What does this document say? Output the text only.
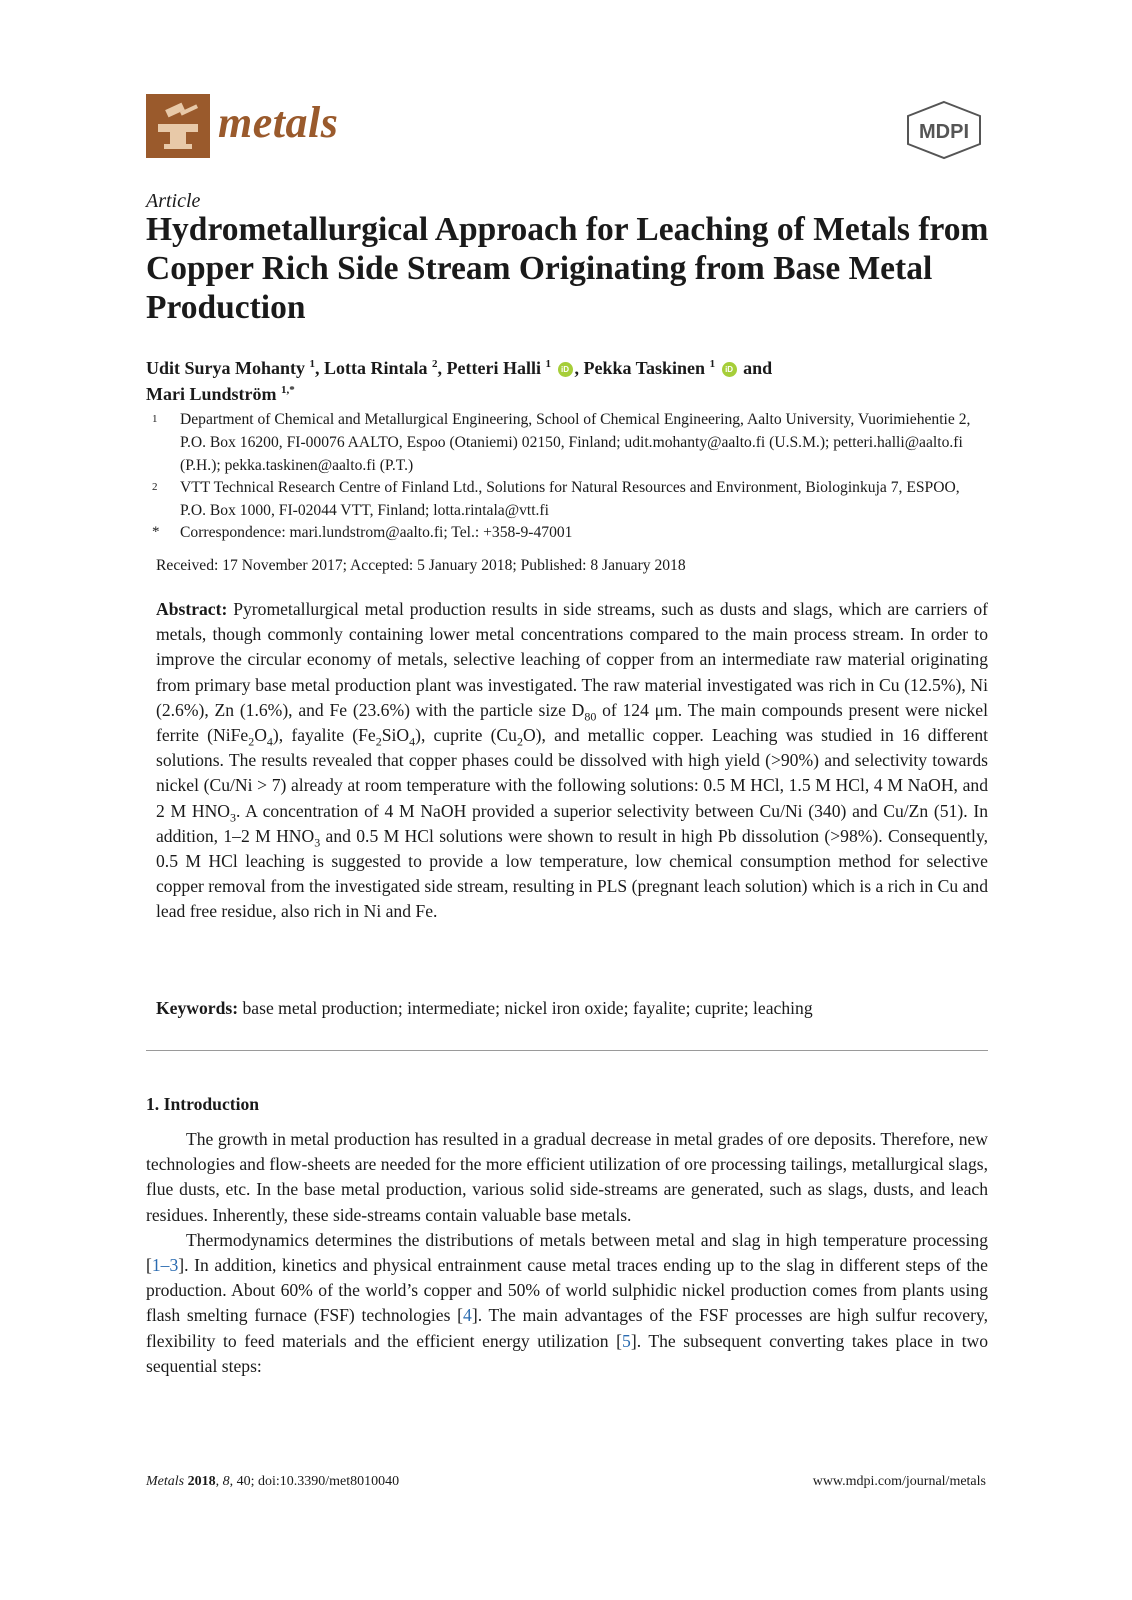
metals	MDPI
Article
Hydrometallurgical Approach for Leaching of Metals from Copper Rich Side Stream Originating from Base Metal Production
Udit Surya Mohanty $^1$, Lotta Rintala $^2$, Petteri Halli $^1$ iD , Pekka Taskinen $^1$ iD and
Mari Lundström $^{1,*}$
1 Department of Chemical and Metallurgical Engineering, School of Chemical Engineering, Aalto University, Vuorimiehentie 2, P.O. Box 16200, FI-00076 AALTO, Espoo (Otaniemi) 02150, Finland; udit.mohanty@aalto.fi (U.S.M.); petteri.halli@aalto.fi (P.H.); pekka.taskinen@aalto.fi (P.T.)
2 VTT Technical Research Centre of Finland Ltd., Solutions for Natural Resources and Environment, Biologinkuja 7, ESPOO, P.O. Box 1000, FI-02044 VTT, Finland; lotta.rintala@vtt.fi
* Correspondence: mari.lundstrom@aalto.fi; Tel.: +358-9-47001
Received: 17 November 2017; Accepted: 5 January 2018; Published: 8 January 2018

Abstract: Pyrometallurgical metal production results in side streams, such as dusts and slags, which are carriers of metals, though commonly containing lower metal concentrations compared to the main process stream. In order to improve the circular economy of metals, selective leaching of copper from an intermediate raw material originating from primary base metal production plant was investigated. The raw material investigated was rich in Cu (12.5%), Ni (2.6%), Zn (1.6%), and Fe (23.6%) with the particle size $D_{80}$ of 124 μm. The main compounds present were nickel ferrite $(NiFe_2O_4)$, fayalite $(Fe_2SiO_4)$, cuprite $(Cu_2O)$, and metallic copper. Leaching was studied in 16 different solutions. The results revealed that copper phases could be dissolved with high yield (>90%) and selectivity towards nickel (Cu/Ni > 7) already at room temperature with the following solutions: 0.5 M HCl, 1.5 M HCl, 4 M NaOH, and 2 M $HNO_3$. A concentration of 4 M NaOH provided a superior selectivity between Cu/Ni (340) and Cu/Zn (51). In addition, 1–2 M $HNO_3$ and 0.5 M HCl solutions were shown to result in high Pb dissolution (>98%). Consequently, 0.5 M HCl leaching is suggested to provide a low temperature, low chemical consumption method for selective copper removal from the investigated side stream, resulting in PLS (pregnant leach solution) which is a rich in Cu and lead free residue, also rich in Ni and Fe.

Keywords: base metal production; intermediate; nickel iron oxide; fayalite; cuprite; leaching

1. Introduction

The growth in metal production has resulted in a gradual decrease in metal grades of ore deposits. Therefore, new technologies and flow-sheets are needed for the more efficient utilization of ore processing tailings, metallurgical slags, flue dusts, etc. In the base metal production, various solid side-streams are generated, such as slags, dusts, and leach residues. Inherently, these side-streams contain valuable base metals.

Thermodynamics determines the distributions of metals between metal and slag in high temperature processing [1–3]. In addition, kinetics and physical entrainment cause metal traces ending up to the slag in different steps of the production. About 60% of the world’s copper and 50% of world sulphidic nickel production comes from plants using flash smelting furnace (FSF) technologies [4]. The main advantages of the FSF processes are high sulfur recovery, flexibility to feed materials and the efficient energy utilization [5]. The subsequent converting takes place in two sequential steps:

Metals 2018, 8, 40; doi:10.3390/met8010040	www.mdpi.com/journal/metals
